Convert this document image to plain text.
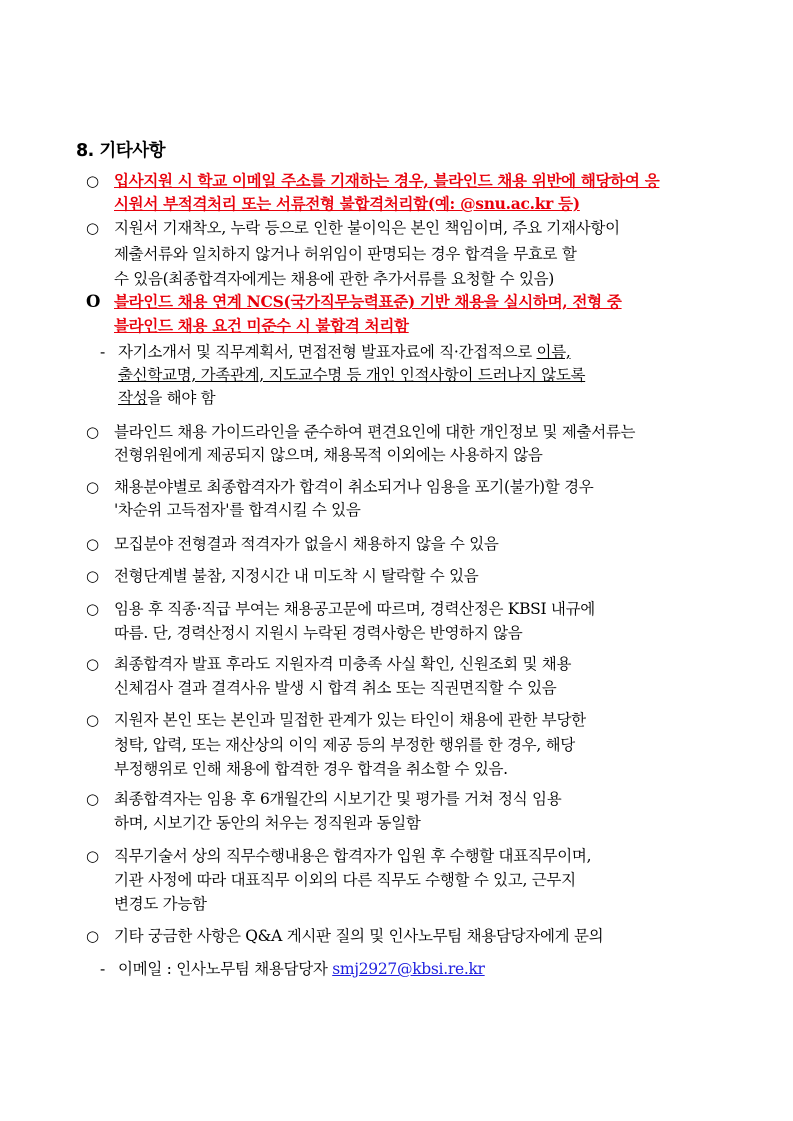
8. 기타사항
○ 입사지원 시 학교 이메일 주소를 기재하는 경우, 블라인드 채용 위반에 해당하여 응
시원서 부적격처리 또는 서류전형 불합격처리함(예: @snu.ac.kr 등)
○ 지원서 기재착오, 누락 등으로 인한 불이익은 본인 책임이며, 주요 기재사항이
제출서류와 일치하지 않거나 허위임이 판명되는 경우 합격을 무효로 할
수 있음(최종합격자에게는 채용에 관한 추가서류를 요청할 수 있음)
O 블라인드 채용 연계 NCS(국가직무능력표준) 기반 채용을 실시하며, 전형 중
블라인드 채용 요건 미준수 시 불합격 처리함
- 자기소개서 및 직무계획서, 면접전형 발표자료에 직·간접적으로 이름,
출신학교명, 가족관계, 지도교수명 등 개인 인적사항이 드러나지 않도록
작성을 해야 함
○ 블라인드 채용 가이드라인을 준수하여 편견요인에 대한 개인정보 및 제출서류는
전형위원에게 제공되지 않으며, 채용목적 이외에는 사용하지 않음
○ 채용분야별로 최종합격자가 합격이 취소되거나 임용을 포기(불가)할 경우
'차순위 고득점자'를 합격시킬 수 있음
○ 모집분야 전형결과 적격자가 없을시 채용하지 않을 수 있음
○ 전형단계별 불참, 지정시간 내 미도착 시 탈락할 수 있음
○ 임용 후 직종·직급 부여는 채용공고문에 따르며, 경력산정은 KBSI 내규에
따름. 단, 경력산정시 지원시 누락된 경력사항은 반영하지 않음
○ 최종합격자 발표 후라도 지원자격 미충족 사실 확인, 신원조회 및 채용
신체검사 결과 결격사유 발생 시 합격 취소 또는 직권면직할 수 있음
○ 지원자 본인 또는 본인과 밀접한 관계가 있는 타인이 채용에 관한 부당한
청탁, 압력, 또는 재산상의 이익 제공 등의 부정한 행위를 한 경우, 해당
부정행위로 인해 채용에 합격한 경우 합격을 취소할 수 있음.
○ 최종합격자는 임용 후 6개월간의 시보기간 및 평가를 거쳐 정식 임용
하며, 시보기간 동안의 처우는 정직원과 동일함
○ 직무기술서 상의 직무수행내용은 합격자가 입원 후 수행할 대표직무이며,
기관 사정에 따라 대표직무 이외의 다른 직무도 수행할 수 있고, 근무지
변경도 가능함
○ 기타 궁금한 사항은 Q&A 게시판 질의 및 인사노무팀 채용담당자에게 문의
- 이메일 : 인사노무팀 채용담당자 smj2927@kbsi.re.kr
